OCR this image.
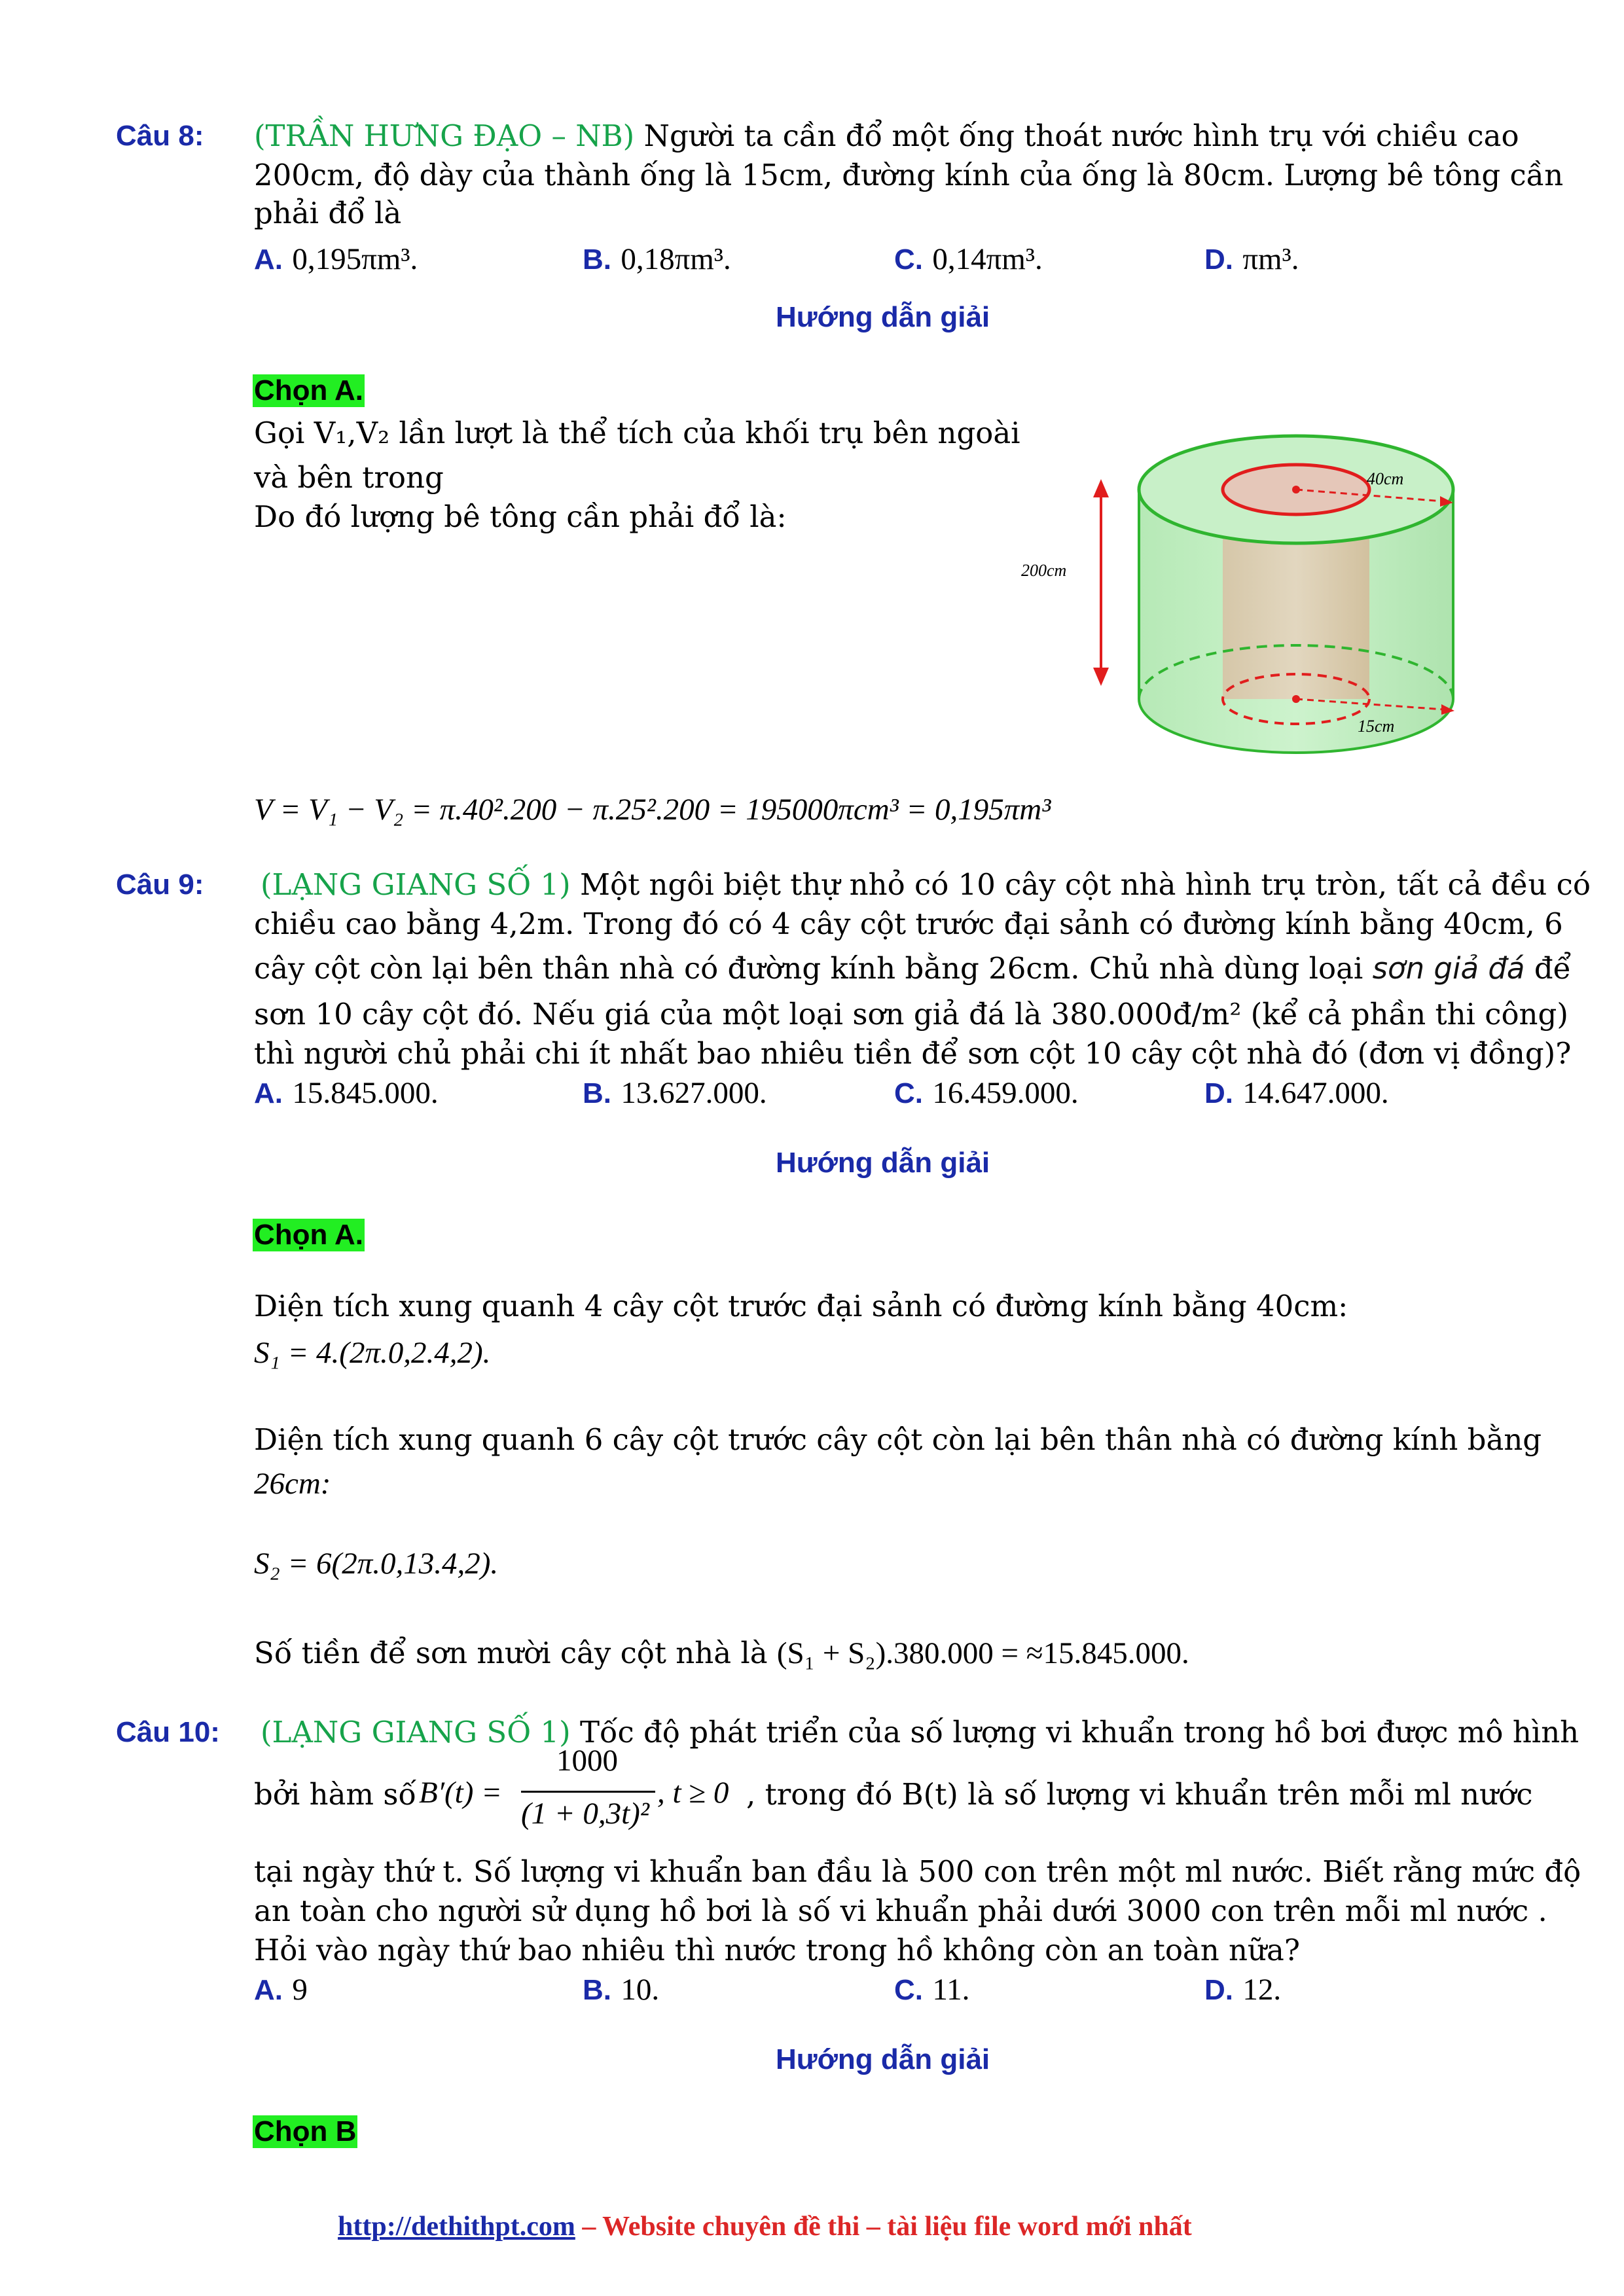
Câu 8: (TRẦN HƯNG ĐẠO – NB) Người ta cần đổ một ống thoát nước hình trụ với chiều cao
200cm, độ dày của thành ống là 15cm, đường kính của ống là 80cm. Lượng bê tông cần
phải đổ là
A. 0,195πm³.	B. 0,18πm³.	C. 0,14πm³.	D. πm³.
Hướng dẫn giải
Chọn A.
Gọi V₁,V₂ lần lượt là thể tích của khối trụ bên ngoài
và bên trong
Do đó lượng bê tông cần phải đổ là:
40cm
15cm
200cm
V = V₁ − V₂ = π.40².200 − π.25².200 = 195000πcm³ = 0,195πm³
Câu 9: (LẠNG GIANG SỐ 1) Một ngôi biệt thự nhỏ có 10 cây cột nhà hình trụ tròn, tất cả đều có
chiều cao bằng 4,2m. Trong đó có 4 cây cột trước đại sảnh có đường kính bằng 40cm, 6
cây cột còn lại bên thân nhà có đường kính bằng 26cm. Chủ nhà dùng loại sơn giả đá để
sơn 10 cây cột đó. Nếu giá của một loại sơn giả đá là 380.000đ/m² (kể cả phần thi công)
thì người chủ phải chi ít nhất bao nhiêu tiền để sơn cột 10 cây cột nhà đó (đơn vị đồng)?
A. 15.845.000.	B. 13.627.000.	C. 16.459.000.	D. 14.647.000.
Hướng dẫn giải
Chọn A.
Diện tích xung quanh 4 cây cột trước đại sảnh có đường kính bằng 40cm:
S₁ = 4.(2π.0,2.4,2).
Diện tích xung quanh 6 cây cột trước cây cột còn lại bên thân nhà có đường kính bằng
26cm:
S₂ = 6(2π.0,13.4,2).
Số tiền để sơn mười cây cột nhà là (S₁ + S₂).380.000 = ≈15.845.000.
Câu 10: (LẠNG GIANG SỐ 1) Tốc độ phát triển của số lượng vi khuẩn trong hồ bơi được mô hình
bởi hàm số B′(t) =
1000
(1 + 0,3t)²
, t ≥ 0 , trong đó B(t) là số lượng vi khuẩn trên mỗi ml nước
tại ngày thứ t. Số lượng vi khuẩn ban đầu là 500 con trên một ml nước. Biết rằng mức độ
an toàn cho người sử dụng hồ bơi là số vi khuẩn phải dưới 3000 con trên mỗi ml nước .
Hỏi vào ngày thứ bao nhiêu thì nước trong hồ không còn an toàn nữa?
A. 9	B. 10.	C. 11.	D. 12.
Hướng dẫn giải
Chọn B
http://dethithpt.com – Website chuyên đề thi – tài liệu file word mới nhất
